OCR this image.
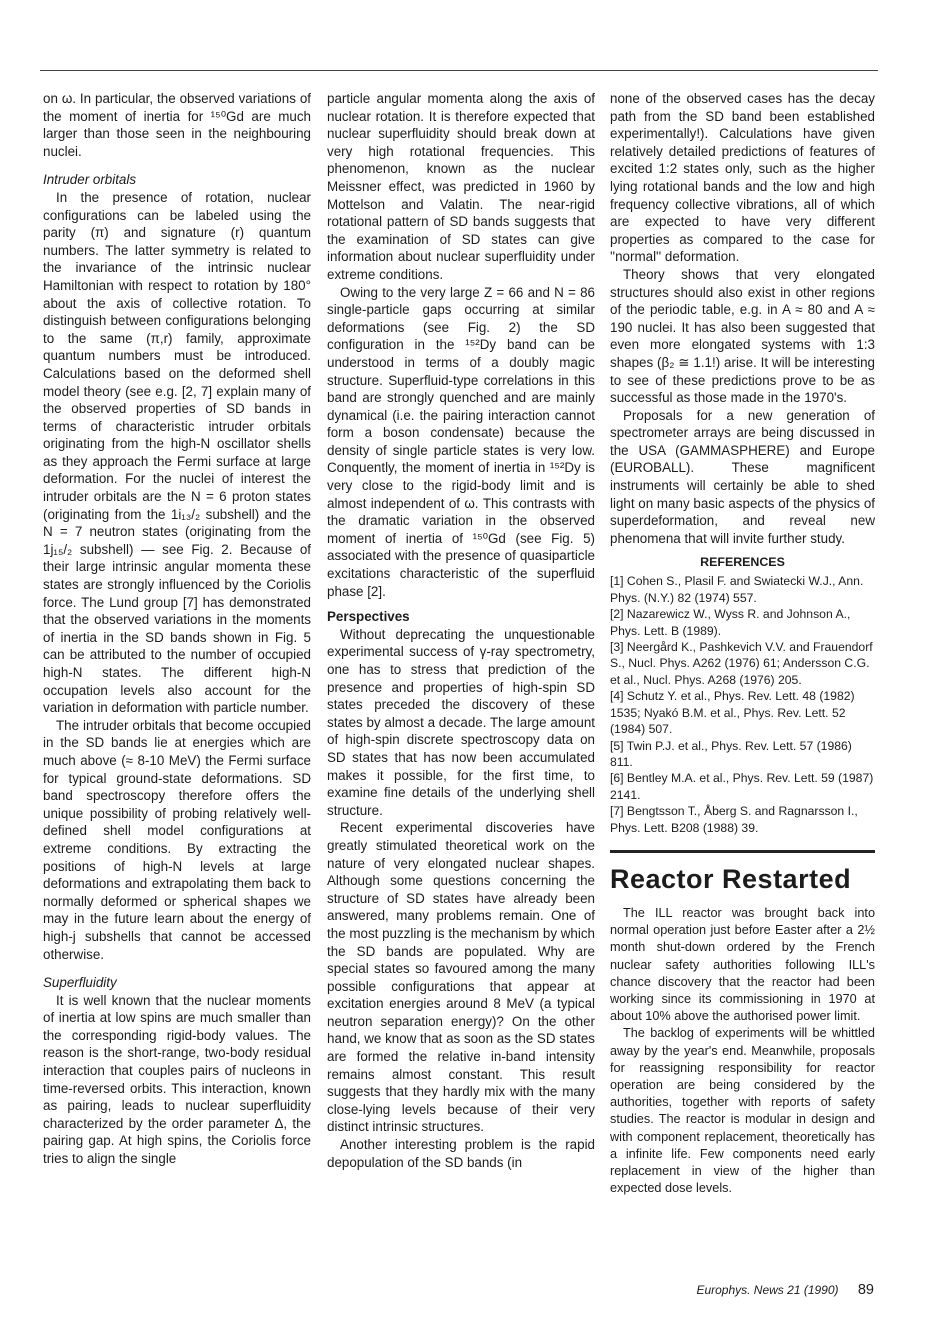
on ω. In particular, the observed variations of the moment of inertia for ¹⁵⁰Gd are much larger than those seen in the neighbouring nuclei.

Intruder orbitals

In the presence of rotation, nuclear configurations can be labeled using the parity (π) and signature (r) quantum numbers. The latter symmetry is related to the invariance of the intrinsic nuclear Hamiltonian with respect to rotation by 180° about the axis of collective rotation. To distinguish between configurations belonging to the same (π,r) family, approximate quantum numbers must be introduced. Calculations based on the deformed shell model theory (see e.g. [2, 7] explain many of the observed properties of SD bands in terms of characteristic intruder orbitals originating from the high-N oscillator shells as they approach the Fermi surface at large deformation. For the nuclei of interest the intruder orbitals are the N = 6 proton states (originating from the 1i₁₃/₂ subshell) and the N = 7 neutron states (originating from the 1j₁₅/₂ subshell) — see Fig. 2. Because of their large intrinsic angular momenta these states are strongly influenced by the Coriolis force. The Lund group [7] has demonstrated that the observed variations in the moments of inertia in the SD bands shown in Fig. 5 can be attributed to the number of occupied high-N states. The different high-N occupation levels also account for the variation in deformation with particle number.

The intruder orbitals that become occupied in the SD bands lie at energies which are much above (≈ 8-10 MeV) the Fermi surface for typical ground-state deformations. SD band spectroscopy therefore offers the unique possibility of probing relatively well-defined shell model configurations at extreme conditions. By extracting the positions of high-N levels at large deformations and extrapolating them back to normally deformed or spherical shapes we may in the future learn about the energy of high-j subshells that cannot be accessed otherwise.

Superfluidity

It is well known that the nuclear moments of inertia at low spins are much smaller than the corresponding rigid-body values. The reason is the short-range, two-body residual interaction that couples pairs of nucleons in time-reversed orbits. This interaction, known as pairing, leads to nuclear superfluidity characterized by the order parameter Δ, the pairing gap. At high spins, the Coriolis force tries to align the single

particle angular momenta along the axis of nuclear rotation. It is therefore expected that nuclear superfluidity should break down at very high rotational frequencies. This phenomenon, known as the nuclear Meissner effect, was predicted in 1960 by Mottelson and Valatin. The near-rigid rotational pattern of SD bands suggests that the examination of SD states can give information about nuclear superfluidity under extreme conditions.

Owing to the very large Z = 66 and N = 86 single-particle gaps occurring at similar deformations (see Fig. 2) the SD configuration in the ¹⁵²Dy band can be understood in terms of a doubly magic structure. Superfluid-type correlations in this band are strongly quenched and are mainly dynamical (i.e. the pairing interaction cannot form a boson condensate) because the density of single particle states is very low. Conquently, the moment of inertia in ¹⁵²Dy is very close to the rigid-body limit and is almost independent of ω. This contrasts with the dramatic variation in the observed moment of inertia of ¹⁵⁰Gd (see Fig. 5) associated with the presence of quasiparticle excitations characteristic of the superfluid phase [2].

Perspectives

Without deprecating the unquestionable experimental success of γ-ray spectrometry, one has to stress that prediction of the presence and properties of high-spin SD states preceded the discovery of these states by almost a decade. The large amount of high-spin discrete spectroscopy data on SD states that has now been accumulated makes it possible, for the first time, to examine fine details of the underlying shell structure.

Recent experimental discoveries have greatly stimulated theoretical work on the nature of very elongated nuclear shapes. Although some questions concerning the structure of SD states have already been answered, many problems remain. One of the most puzzling is the mechanism by which the SD bands are populated. Why are special states so favoured among the many possible configurations that appear at excitation energies around 8 MeV (a typical neutron separation energy)? On the other hand, we know that as soon as the SD states are formed the relative in-band intensity remains almost constant. This result suggests that they hardly mix with the many close-lying levels because of their very distinct intrinsic structures.

Another interesting problem is the rapid depopulation of the SD bands (in

none of the observed cases has the decay path from the SD band been established experimentally!). Calculations have given relatively detailed predictions of features of excited 1:2 states only, such as the higher lying rotational bands and the low and high frequency collective vibrations, all of which are expected to have very different properties as compared to the case for ''normal'' deformation.

Theory shows that very elongated structures should also exist in other regions of the periodic table, e.g. in A ≈ 80 and A ≈ 190 nuclei. It has also been suggested that even more elongated systems with 1:3 shapes (β₂ ≅ 1.1!) arise. It will be interesting to see of these predictions prove to be as successful as those made in the 1970's.

Proposals for a new generation of spectrometer arrays are being discussed in the USA (GAMMASPHERE) and Europe (EUROBALL). These magnificent instruments will certainly be able to shed light on many basic aspects of the physics of superdeformation, and reveal new phenomena that will invite further study.

REFERENCES
[1] Cohen S., Plasil F. and Swiatecki W.J., Ann. Phys. (N.Y.) 82 (1974) 557.
[2] Nazarewicz W., Wyss R. and Johnson A., Phys. Lett. B (1989).
[3] Neergård K., Pashkevich V.V. and Frauendorf S., Nucl. Phys. A262 (1976) 61; Andersson C.G. et al., Nucl. Phys. A268 (1976) 205.
[4] Schutz Y. et al., Phys. Rev. Lett. 48 (1982) 1535; Nyakó B.M. et al., Phys. Rev. Lett. 52 (1984) 507.
[5] Twin P.J. et al., Phys. Rev. Lett. 57 (1986) 811.
[6] Bentley M.A. et al., Phys. Rev. Lett. 59 (1987) 2141.
[7] Bengtsson T., Åberg S. and Ragnarsson I., Phys. Lett. B208 (1988) 39.
Reactor Restarted

The ILL reactor was brought back into normal operation just before Easter after a 2½ month shut-down ordered by the French nuclear safety authorities following ILL's chance discovery that the reactor had been working since its commissioning in 1970 at about 10% above the authorised power limit.

The backlog of experiments will be whittled away by the year's end. Meanwhile, proposals for reassigning responsibility for reactor operation are being considered by the authorities, together with reports of safety studies. The reactor is modular in design and with component replacement, theoretically has a infinite life. Few components need early replacement in view of the higher than expected dose levels.

Europhys. News 21 (1990) 89
